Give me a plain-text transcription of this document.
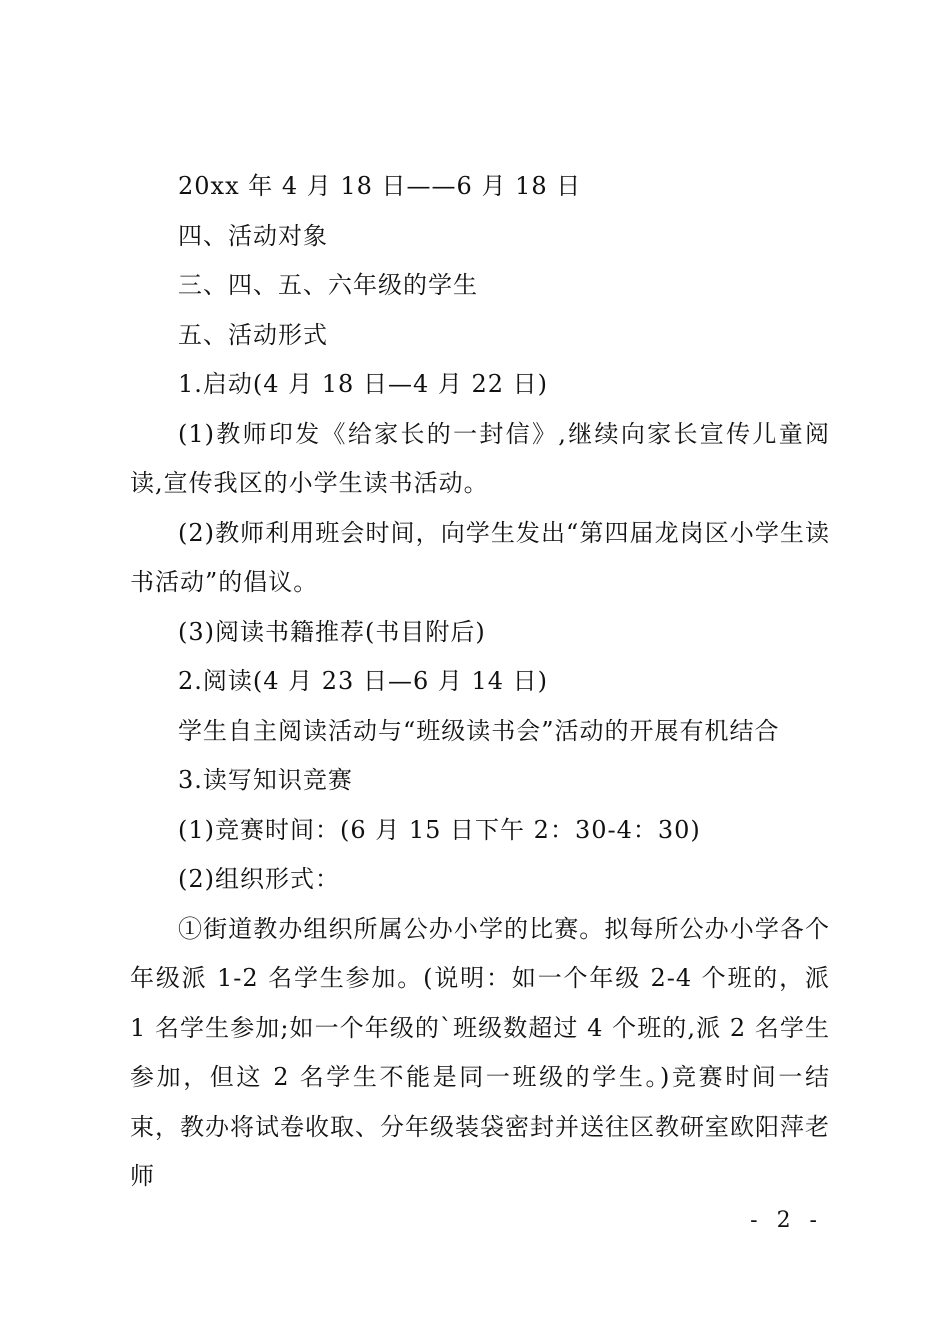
20xx 年 4 月 18 日——6 月 18 日

四、活动对象

三、四、五、六年级的学生

五、活动形式

1.启动(4 月 18 日—4 月 22 日)

(1)教师印发《给家长的一封信》,继续向家长宣传儿童阅读,宣传我区的小学生读书活动。

(2)教师利用班会时间，向学生发出“第四届龙岗区小学生读书活动”的倡议。

(3)阅读书籍推荐(书目附后)

2.阅读(4 月 23 日—6 月 14 日)

学生自主阅读活动与“班级读书会”活动的开展有机结合

3.读写知识竞赛

(1)竞赛时间：(6 月 15 日下午 2：30-4：30)

(2)组织形式：

①街道教办组织所属公办小学的比赛。拟每所公办小学各个年级派 1-2 名学生参加。(说明：如一个年级 2-4 个班的，派 1 名学生参加;如一个年级的`班级数超过 4 个班的,派 2 名学生参加，但这 2 名学生不能是同一班级的学生。)竞赛时间一结束，教办将试卷收取、分年级装袋密封并送往区教研室欧阳萍老师

- 2 -
